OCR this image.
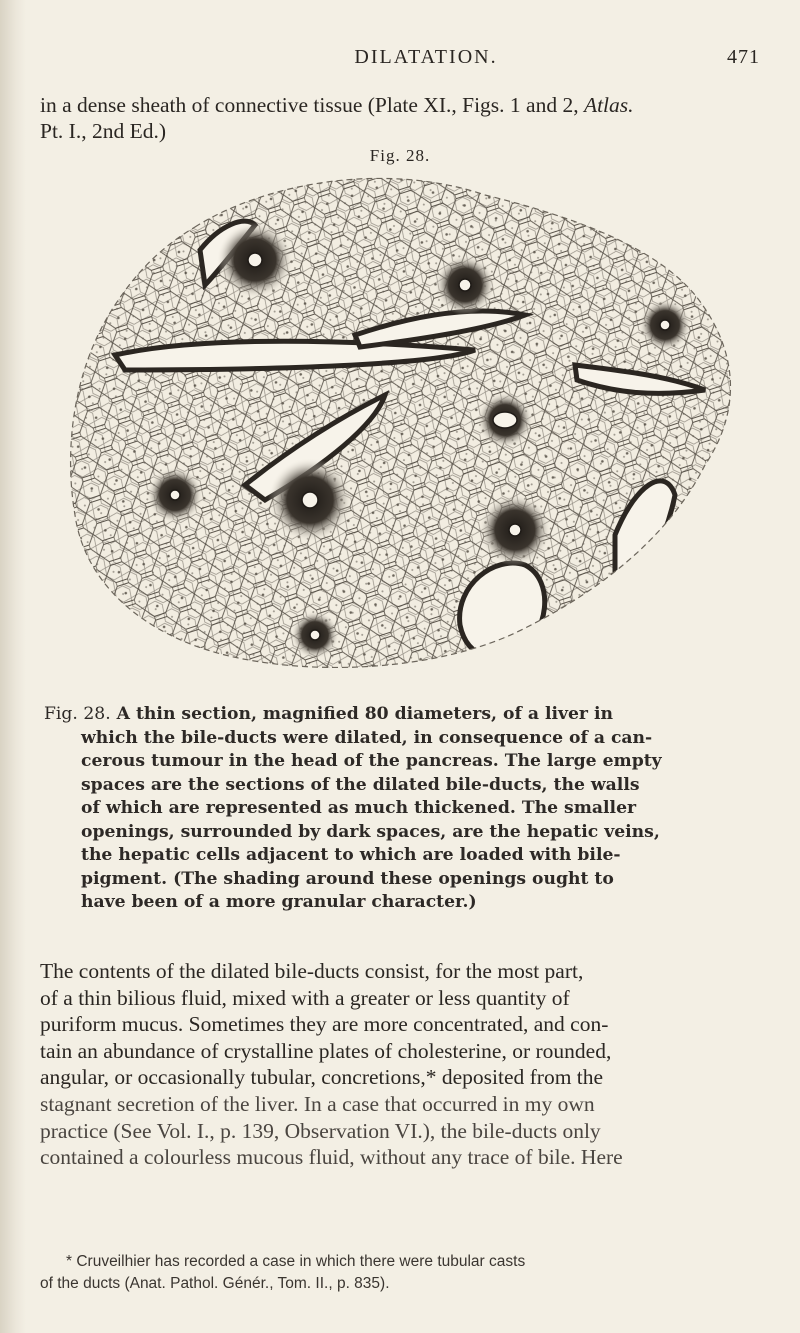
DILATATION.	471
in a dense sheath of connective tissue (Plate XI., Figs. 1 and 2, Atlas.
Pt. I., 2nd Ed.)
Fig. 28.
Fig. 28. A thin section, magnified 80 diameters, of a liver in
which the bile-ducts were dilated, in consequence of a can-
cerous tumour in the head of the pancreas. The large empty
spaces are the sections of the dilated bile-ducts, the walls
of which are represented as much thickened. The smaller
openings, surrounded by dark spaces, are the hepatic veins,
the hepatic cells adjacent to which are loaded with bile-
pigment. (The shading around these openings ought to
have been of a more granular character.)
The contents of the dilated bile-ducts consist, for the most part,
of a thin bilious fluid, mixed with a greater or less quantity of
puriform mucus. Sometimes they are more concentrated, and con-
tain an abundance of crystalline plates of cholesterine, or rounded,
angular, or occasionally tubular, concretions,* deposited from the
stagnant secretion of the liver. In a case that occurred in my own
practice (See Vol. I., p. 139, Observation VI.), the bile-ducts only
contained a colourless mucous fluid, without any trace of bile. Here
* Cruveilhier has recorded a case in which there were tubular casts
of the ducts (Anat. Pathol. Génér., Tom. II., p. 835).
